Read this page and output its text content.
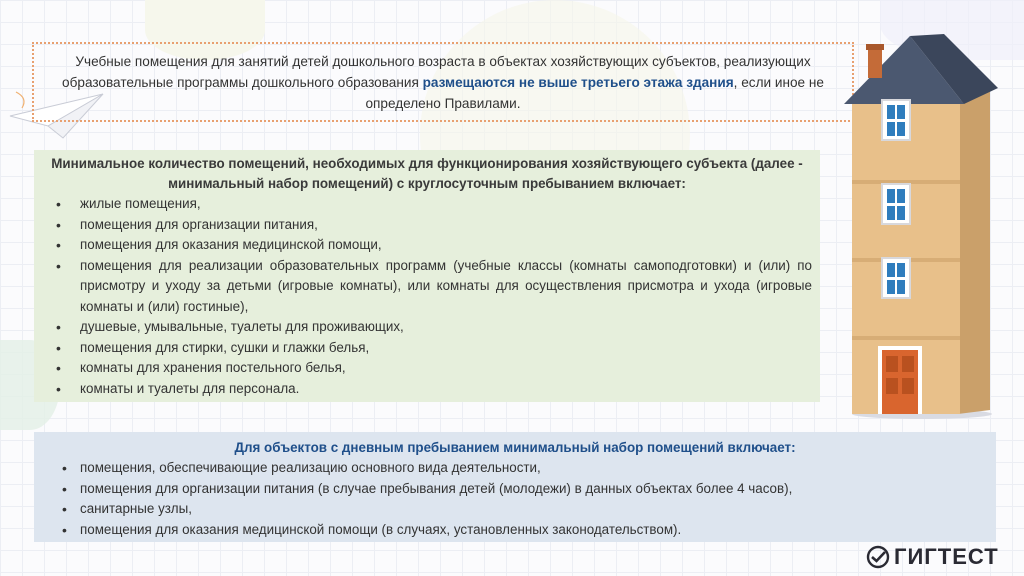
Учебные помещения для занятий детей дошкольного возраста в объектах хозяйствующих субъектов, реализующих образовательные программы дошкольного образования размещаются не выше третьего этажа здания, если иное не определено Правилами.
Минимальное количество помещений, необходимых для функционирования хозяйствующего субъекта (далее - минимальный набор помещений) с круглосуточным пребыванием включает:
• жилые помещения,
• помещения для организации питания,
• помещения для оказания медицинской помощи,
• помещения для реализации образовательных программ (учебные классы (комнаты самоподготовки) и (или) по присмотру и уходу за детьми (игровые комнаты), или комнаты для осуществления присмотра и ухода (игровые комнаты и (или) гостиные),
• душевые, умывальные, туалеты для проживающих,
• помещения для стирки, сушки и глажки белья,
• комнаты для хранения постельного белья,
• комнаты и туалеты для персонала.
Для объектов с дневным пребыванием минимальный набор помещений включает:
• помещения, обеспечивающие реализацию основного вида деятельности,
• помещения для организации питания (в случае пребывания детей (молодежи) в данных объектах более 4 часов),
• санитарные узлы,
• помещения для оказания медицинской помощи (в случаях, установленных законодательством).
ГИГТЕСТ
